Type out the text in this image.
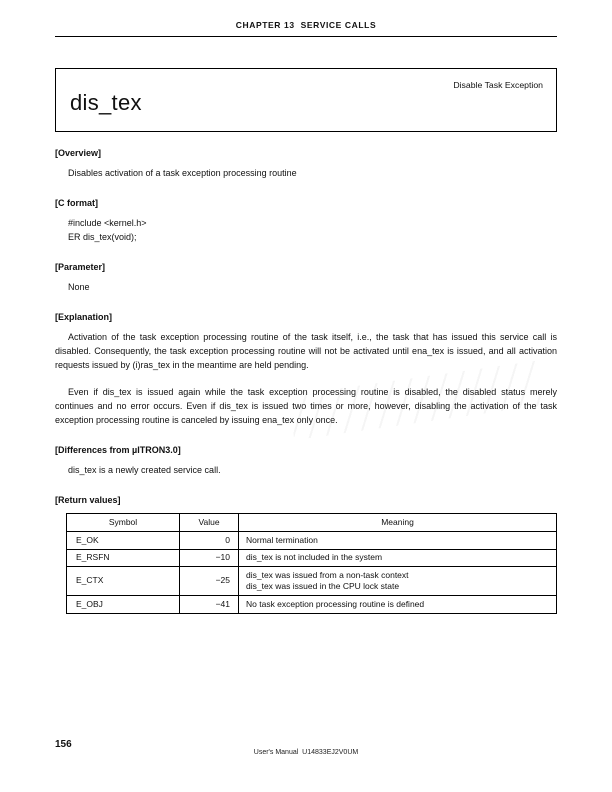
CHAPTER 13  SERVICE CALLS
Disable Task Exception
dis_tex
[Overview]
Disables activation of a task exception processing routine
[C format]
#include <kernel.h>
ER dis_tex(void);
[Parameter]
None
[Explanation]

Activation of the task exception processing routine of the task itself, i.e., the task that has issued this service call is disabled. Consequently, the task exception processing routine will not be activated until ena_tex is issued, and all activation requests issued by (i)ras_tex in the meantime are held pending.

Even if dis_tex is issued again while the task exception processing routine is disabled, the disabled status merely continues and no error occurs. Even if dis_tex is issued two times or more, however, disabling the activation of the task exception processing routine is canceled by issuing ena_tex only once.

[Differences from µITRON3.0]
dis_tex is a newly created service call.
[Return values]
Symbol	Value	Meaning
E_OK	0	Normal termination

E_RSFN	−10	dis_tex is not included in the system

E_CTX	−25	dis_tex was issued from a non-task context
dis_tex was issued in the CPU lock state

E_OBJ	−41	No task exception processing routine is defined
156
User's Manual  U14833EJ2V0UM
